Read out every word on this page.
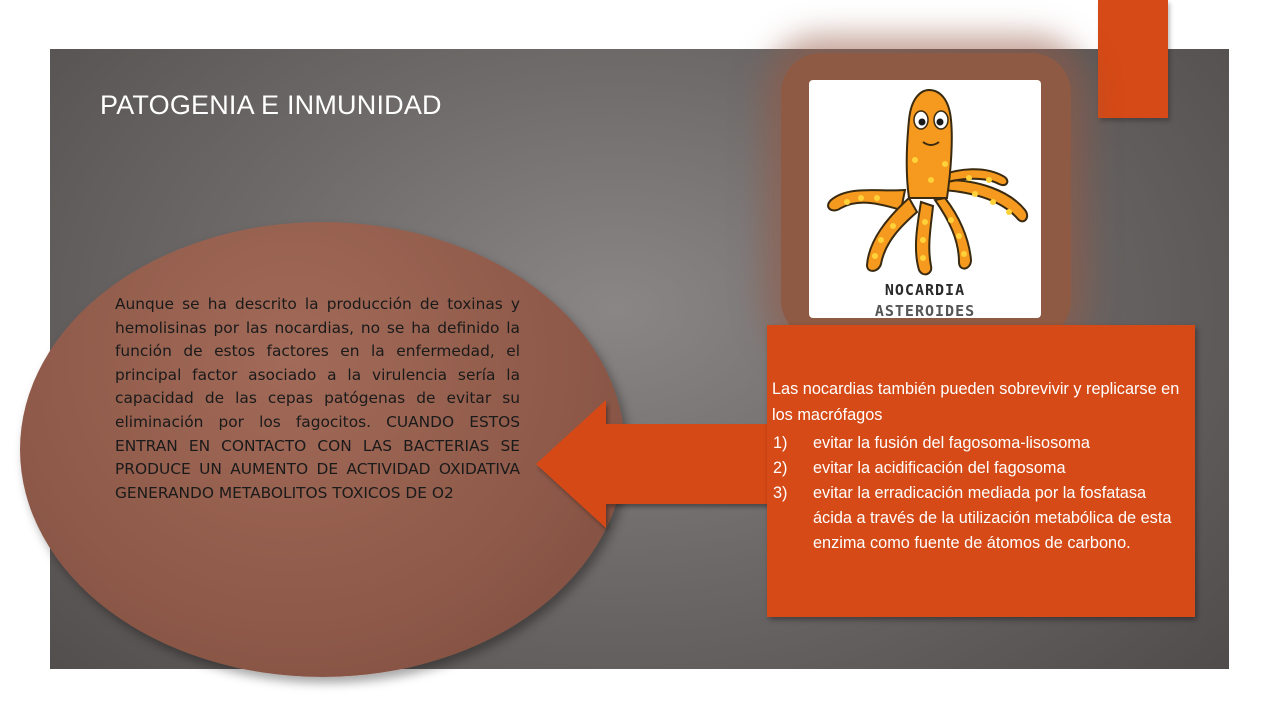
PATOGENIA E INMUNIDAD
NOCARDIA
ASTEROIDES

Aunque se ha descrito la producción de toxinas y hemolisinas por las nocardias, no se ha definido la función de estos factores en la enfermedad, el principal factor asociado a la virulencia sería la capacidad de las cepas patógenas de evitar su eliminación por los fagocitos. CUANDO ESTOS ENTRAN EN CONTACTO CON LAS BACTERIAS SE PRODUCE UN AUMENTO DE ACTIVIDAD OXIDATIVA GENERANDO METABOLITOS TOXICOS DE O2

Las nocardias también pueden sobrevivir y replicarse en los macrófagos

1) evitar la fusión del fagosoma-lisosoma
2) evitar la acidificación del fagosoma
3) evitar la erradicación mediada por la fosfatasa ácida a través de la utilización metabólica de esta enzima como fuente de átomos de carbono.
